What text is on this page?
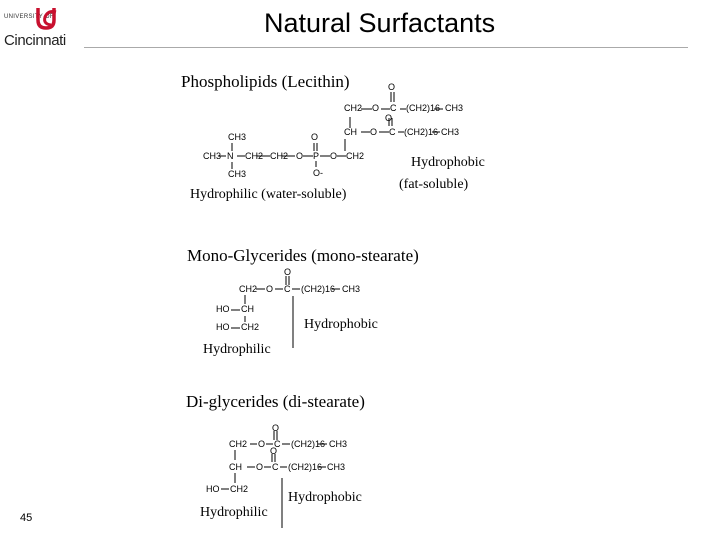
UNIVERSITY OF
Cincinnati
Natural Surfactants
Phospholipids (Lecithin)	O
CH2 O C (CH2)16 CH3
O
CH O C (CH2)16 CH3
CH3	O
CH3 N CH2 CH2 O P O CH2
CH3	O-
Hydrophobic
(fat-soluble)
Hydrophilic (water-soluble)
Mono-Glycerides (mono-stearate)
O
CH2 O C (CH2)16 CH3
HO CH
HO CH2	Hydrophobic
Hydrophilic
Di-glycerides (di-stearate)
O
CH2 O C (CH2)16 CH3
O
CH O C (CH2)16 CH3
HO CH2
Hydrophobic
Hydrophilic
45
